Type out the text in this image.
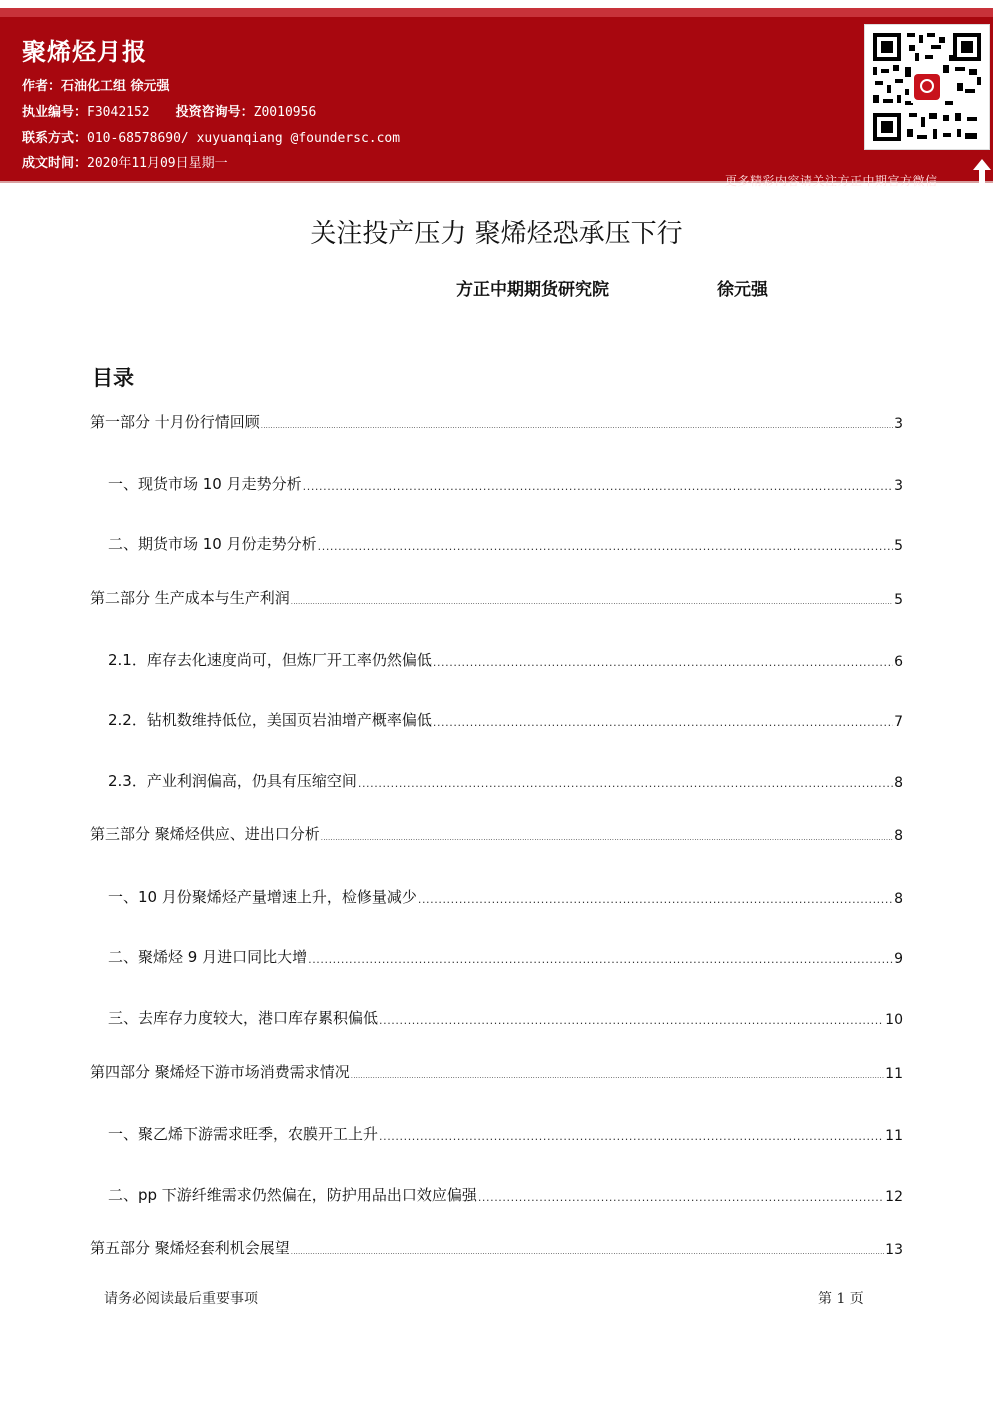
聚烯烃月报
作者：石油化工组 徐元强
执业编号：F3042152 投资咨询号：Z0010956
联系方式：010-68578690/ xuyuanqiang @foundersc.com
成文时间：2020年11月09日星期一
更多精彩内容请关注方正中期官方微信
关注投产压力 聚烯烃恐承压下行
方正中期期货研究院	徐元强
目录
第一部分 十月份行情回顾 .....	3
一、现货市场 10 月走势分析 .....	3
二、期货市场 10 月份走势分析 .....	5
第二部分 生产成本与生产利润 .....	5
2.1．库存去化速度尚可，但炼厂开工率仍然偏低 .....	6
2.2．钻机数维持低位，美国页岩油增产概率偏低 .....	7
2.3．产业利润偏高，仍具有压缩空间 .....	8
第三部分 聚烯烃供应、进出口分析 .....	8
一、10 月份聚烯烃产量增速上升，检修量减少 .....	8
二、聚烯烃 9 月进口同比大增 .....	9
三、去库存力度较大，港口库存累积偏低 .....	10
第四部分 聚烯烃下游市场消费需求情况 .....	11
一、聚乙烯下游需求旺季，农膜开工上升 .....	11
二、pp 下游纤维需求仍然偏在，防护用品出口效应偏强 .....	12
第五部分 聚烯烃套利机会展望 .....	13
请务必阅读最后重要事项	第 1 页
